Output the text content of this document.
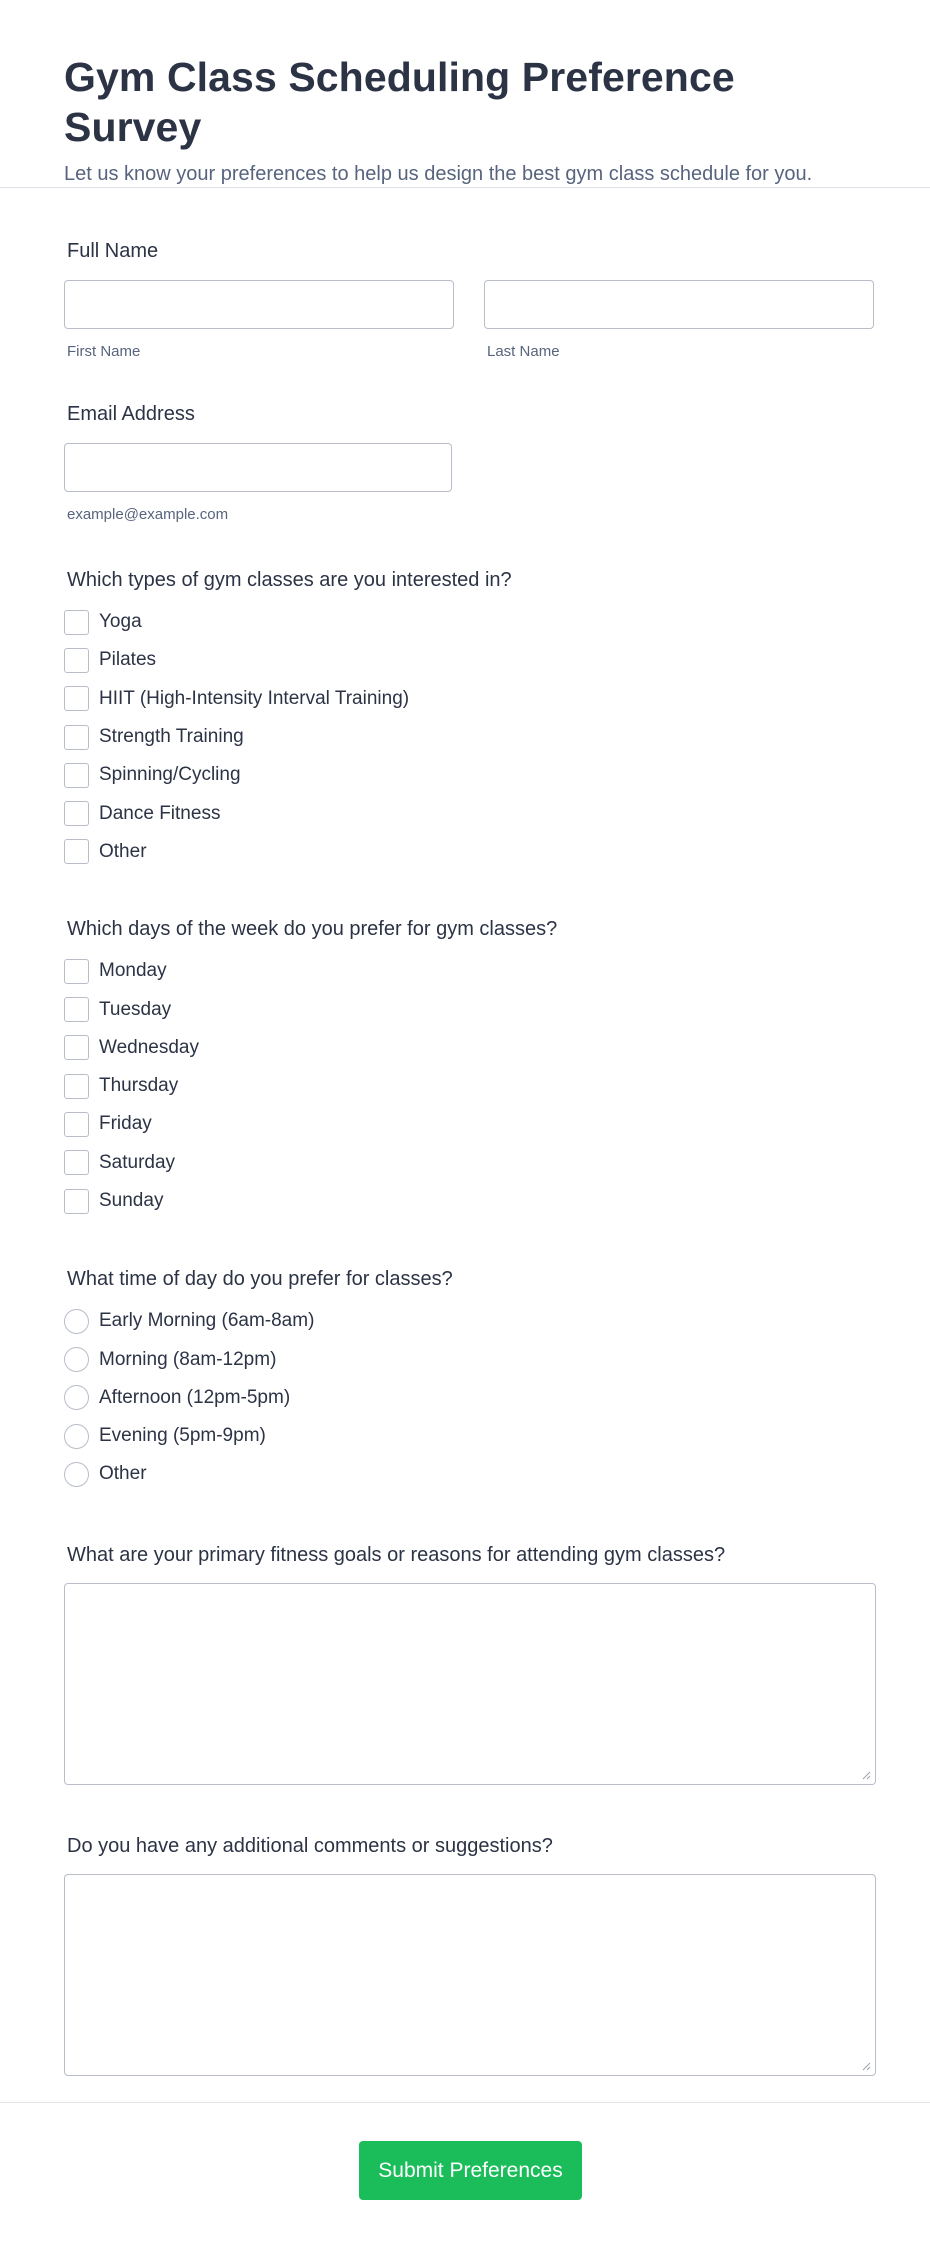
Gym Class Scheduling Preference Survey
Let us know your preferences to help us design the best gym class schedule for you.
Full Name
First Name	Last Name
Email Address
example@example.com
Which types of gym classes are you interested in?
Yoga
Pilates
HIIT (High-Intensity Interval Training)
Strength Training
Spinning/Cycling
Dance Fitness
Other
Which days of the week do you prefer for gym classes?
Monday
Tuesday
Wednesday
Thursday
Friday
Saturday
Sunday
What time of day do you prefer for classes?
Early Morning (6am-8am)
Morning (8am-12pm)
Afternoon (12pm-5pm)
Evening (5pm-9pm)
Other
What are your primary fitness goals or reasons for attending gym classes?
Do you have any additional comments or suggestions?
Submit Preferences
